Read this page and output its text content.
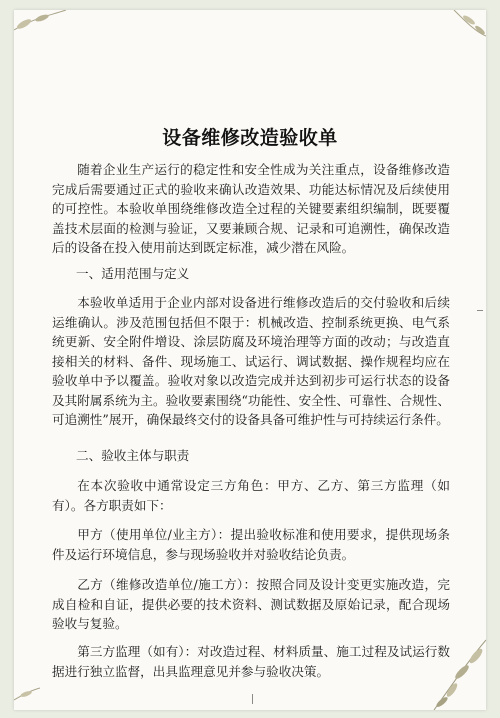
设备维修改造验收单
随着企业生产运行的稳定性和安全性成为关注重点，设备维修改造完成后需要通过正式的验收来确认改造效果、功能达标情况及后续使用的可控性。本验收单围绕维修改造全过程的关键要素组织编制，既要覆盖技术层面的检测与验证，又要兼顾合规、记录和可追溯性，确保改造后的设备在投入使用前达到既定标准，减少潜在风险。
一、适用范围与定义
本验收单适用于企业内部对设备进行维修改造后的交付验收和后续运维确认。涉及范围包括但不限于：机械改造、控制系统更换、电气系统更新、安全附件增设、涂层防腐及环境治理等方面的改动；与改造直接相关的材料、备件、现场施工、试运行、调试数据、操作规程均应在验收单中予以覆盖。验收对象以改造完成并达到初步可运行状态的设备及其附属系统为主。验收要素围绕“功能性、安全性、可靠性、合规性、可追溯性”展开，确保最终交付的设备具备可维护性与可持续运行条件。
二、验收主体与职责
在本次验收中通常设定三方角色：甲方、乙方、第三方监理（如有）。各方职责如下：
甲方（使用单位/业主方）：提出验收标准和使用要求，提供现场条件及运行环境信息，参与现场验收并对验收结论负责。
乙方（维修改造单位/施工方）：按照合同及设计变更实施改造，完成自检和自证，提供必要的技术资料、测试数据及原始记录，配合现场验收与复验。
第三方监理（如有）：对改造过程、材料质量、施工过程及试运行数据进行独立监督，出具监理意见并参与验收决策。
